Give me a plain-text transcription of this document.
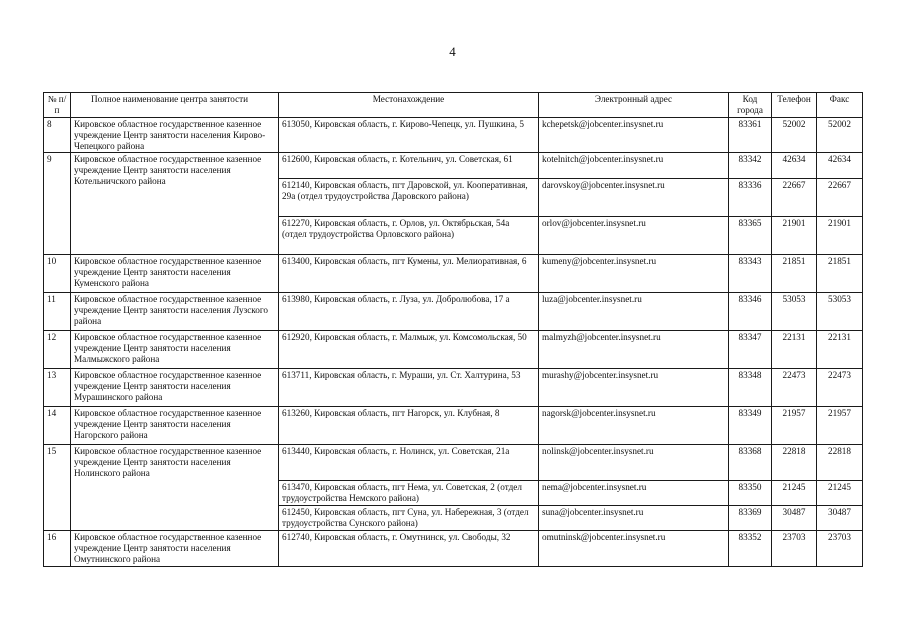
4
№ п/п	Полное наименование центра занятости	Местонахождение	Электронный адрес	Код города	Телефон	Факс
8	Кировское областное государственное казенное учреждение Центр занятости населения Кирово-Чепецкого района	613050, Кировская область, г. Кирово-Чепецк, ул. Пушкина, 5	kchepetsk@jobcenter.insysnet.ru	83361	52002	52002
9	Кировское областное государственное казенное учреждение Центр занятости населения Котельничского района	612600, Кировская область, г. Котельнич, ул. Советская, 61	kotelnitch@jobcenter.insysnet.ru	83342	42634	42634
		612140, Кировская область, пгт Даровской, ул. Кооперативная, 29а (отдел трудоустройства Даровского района)	darovskoy@jobcenter.insysnet.ru	83336	22667	22667
		612270, Кировская область, г. Орлов, ул. Октябрьская, 54а (отдел трудоустройства Орловского района)	orlov@jobcenter.insysnet.ru	83365	21901	21901
10	Кировское областное государственное казенное учреждение Центр занятости населения Куменского района	613400, Кировская область, пгт Кумены, ул. Мелиоративная, 6	kumeny@jobcenter.insysnet.ru	83343	21851	21851
11	Кировское областное государственное казенное учреждение Центр занятости населения Лузского района	613980, Кировская область, г. Луза, ул. Добролюбова, 17 а	luza@jobcenter.insysnet.ru	83346	53053	53053
12	Кировское областное государственное казенное учреждение Центр занятости населения Малмыжского района	612920, Кировская область, г. Малмыж, ул. Комсомольская, 50	malmyzh@jobcenter.insysnet.ru	83347	22131	22131
13	Кировское областное государственное казенное учреждение Центр занятости населения Мурашинского района	613711, Кировская область, г. Мураши, ул. Ст. Халтурина, 53	murashy@jobcenter.insysnet.ru	83348	22473	22473
14	Кировское областное государственное казенное учреждение Центр занятости населения Нагорского района	613260, Кировская область, пгт Нагорск, ул. Клубная, 8	nagorsk@jobcenter.insysnet.ru	83349	21957	21957
15	Кировское областное государственное казенное учреждение Центр занятости населения Нолинского района	613440, Кировская область, г. Нолинск, ул. Советская, 21а	nolinsk@jobcenter.insysnet.ru	83368	22818	22818
		613470, Кировская область, пгт Нема, ул. Советская, 2 (отдел трудоустройства Немского района)	nema@jobcenter.insysnet.ru	83350	21245	21245
		612450, Кировская область, пгт Суна, ул. Набережная, 3 (отдел трудоустройства Сунского района)	suna@jobcenter.insysnet.ru	83369	30487	30487
16	Кировское областное государственное казенное учреждение Центр занятости населения Омутнинского района	612740, Кировская область, г. Омутнинск, ул. Свободы, 32	omutninsk@jobcenter.insysnet.ru	83352	23703	23703
